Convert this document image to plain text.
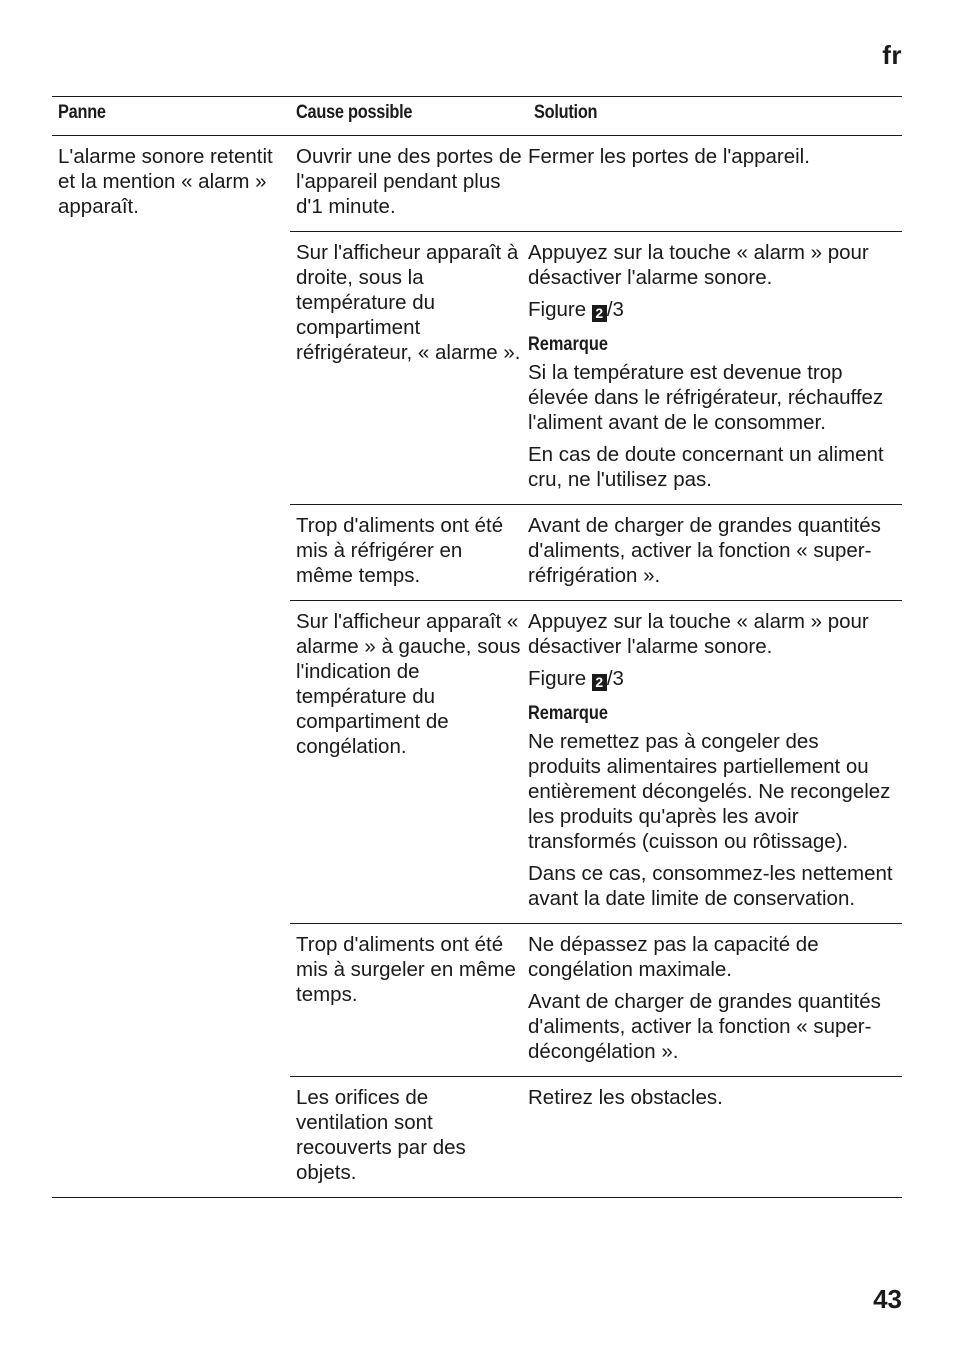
fr
Panne	Cause possible	Solution
L'alarme sonore retentit et la mention « alarm » apparaît.
Ouvrir une des portes de l'appareil pendant plus d'1 minute.
Fermer les portes de l'appareil.
Sur l'afficheur apparaît à droite, sous la température du compartiment réfrigérateur, « alarme ».
Appuyez sur la touche « alarm » pour désactiver l'alarme sonore.
Figure 2 /3
Remarque
Si la température est devenue trop élevée dans le réfrigérateur, réchauffez l'aliment avant de le consommer.
En cas de doute concernant un aliment cru, ne l'utilisez pas.
Trop d'aliments ont été mis à réfrigérer en même temps.
Avant de charger de grandes quantités d'aliments, activer la fonction « super-réfrigération ».
Sur l'afficheur apparaît « alarme » à gauche, sous l'indication de température du compartiment de congélation.
Appuyez sur la touche « alarm » pour désactiver l'alarme sonore.
Figure 2 /3
Remarque
Ne remettez pas à congeler des produits alimentaires partiellement ou entièrement décongelés. Ne recongelez les produits qu'après les avoir transformés (cuisson ou rôtissage).
Dans ce cas, consommez-les nettement avant la date limite de conservation.
Trop d'aliments ont été mis à surgeler en même temps.
Ne dépassez pas la capacité de congélation maximale.
Avant de charger de grandes quantités d'aliments, activer la fonction « super-décongélation ».
Les orifices de ventilation sont recouverts par des objets.
Retirez les obstacles.
43
